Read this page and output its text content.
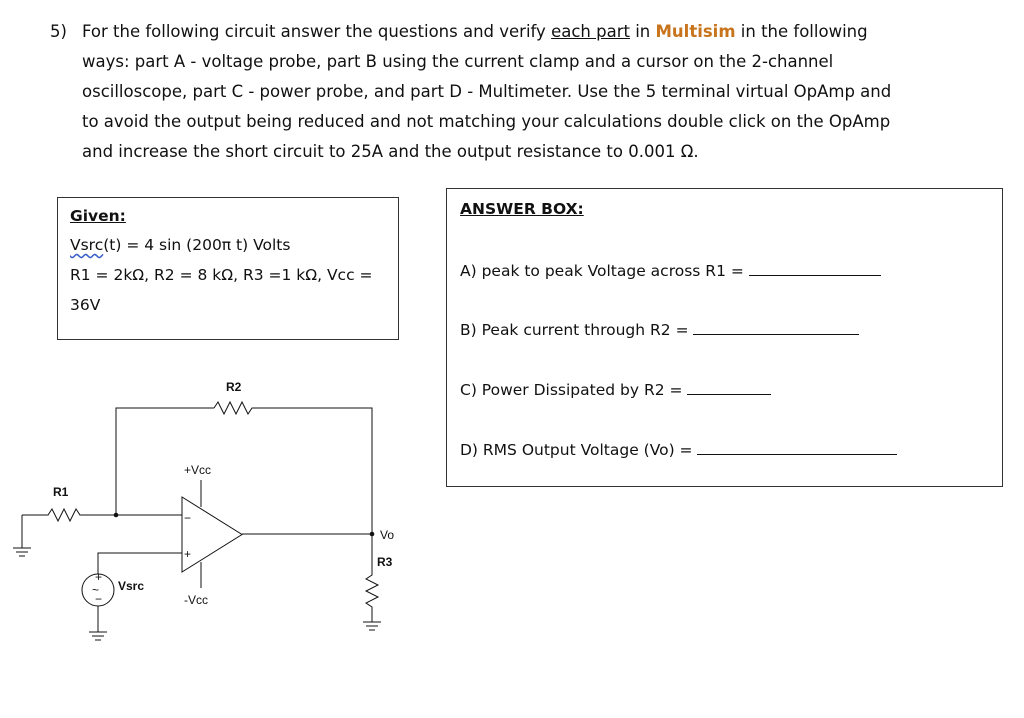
5) For the following circuit answer the questions and verify each part in Multisim in the following
ways: part A - voltage probe, part B using the current clamp and a cursor on the 2-channel
oscilloscope, part C - power probe, and part D - Multimeter. Use the 5 terminal virtual OpAmp and
to avoid the output being reduced and not matching your calculations double click on the OpAmp
and increase the short circuit to 25A and the output resistance to 0.001 Ω.
Given:
Vsrc(t) = 4 sin (200π t) Volts
R1 = 2kΩ, R2 = 8 kΩ, R3 =1 kΩ, Vcc =
36V
ANSWER BOX:
A) peak to peak Voltage across R1 =
B) Peak current through R2 =
C) Power Dissipated by R2 =
D) RMS Output Voltage (Vo) =
R1
R2
R3
+Vcc
-Vcc
Vo
Vsrc
−
+
+
−
~
